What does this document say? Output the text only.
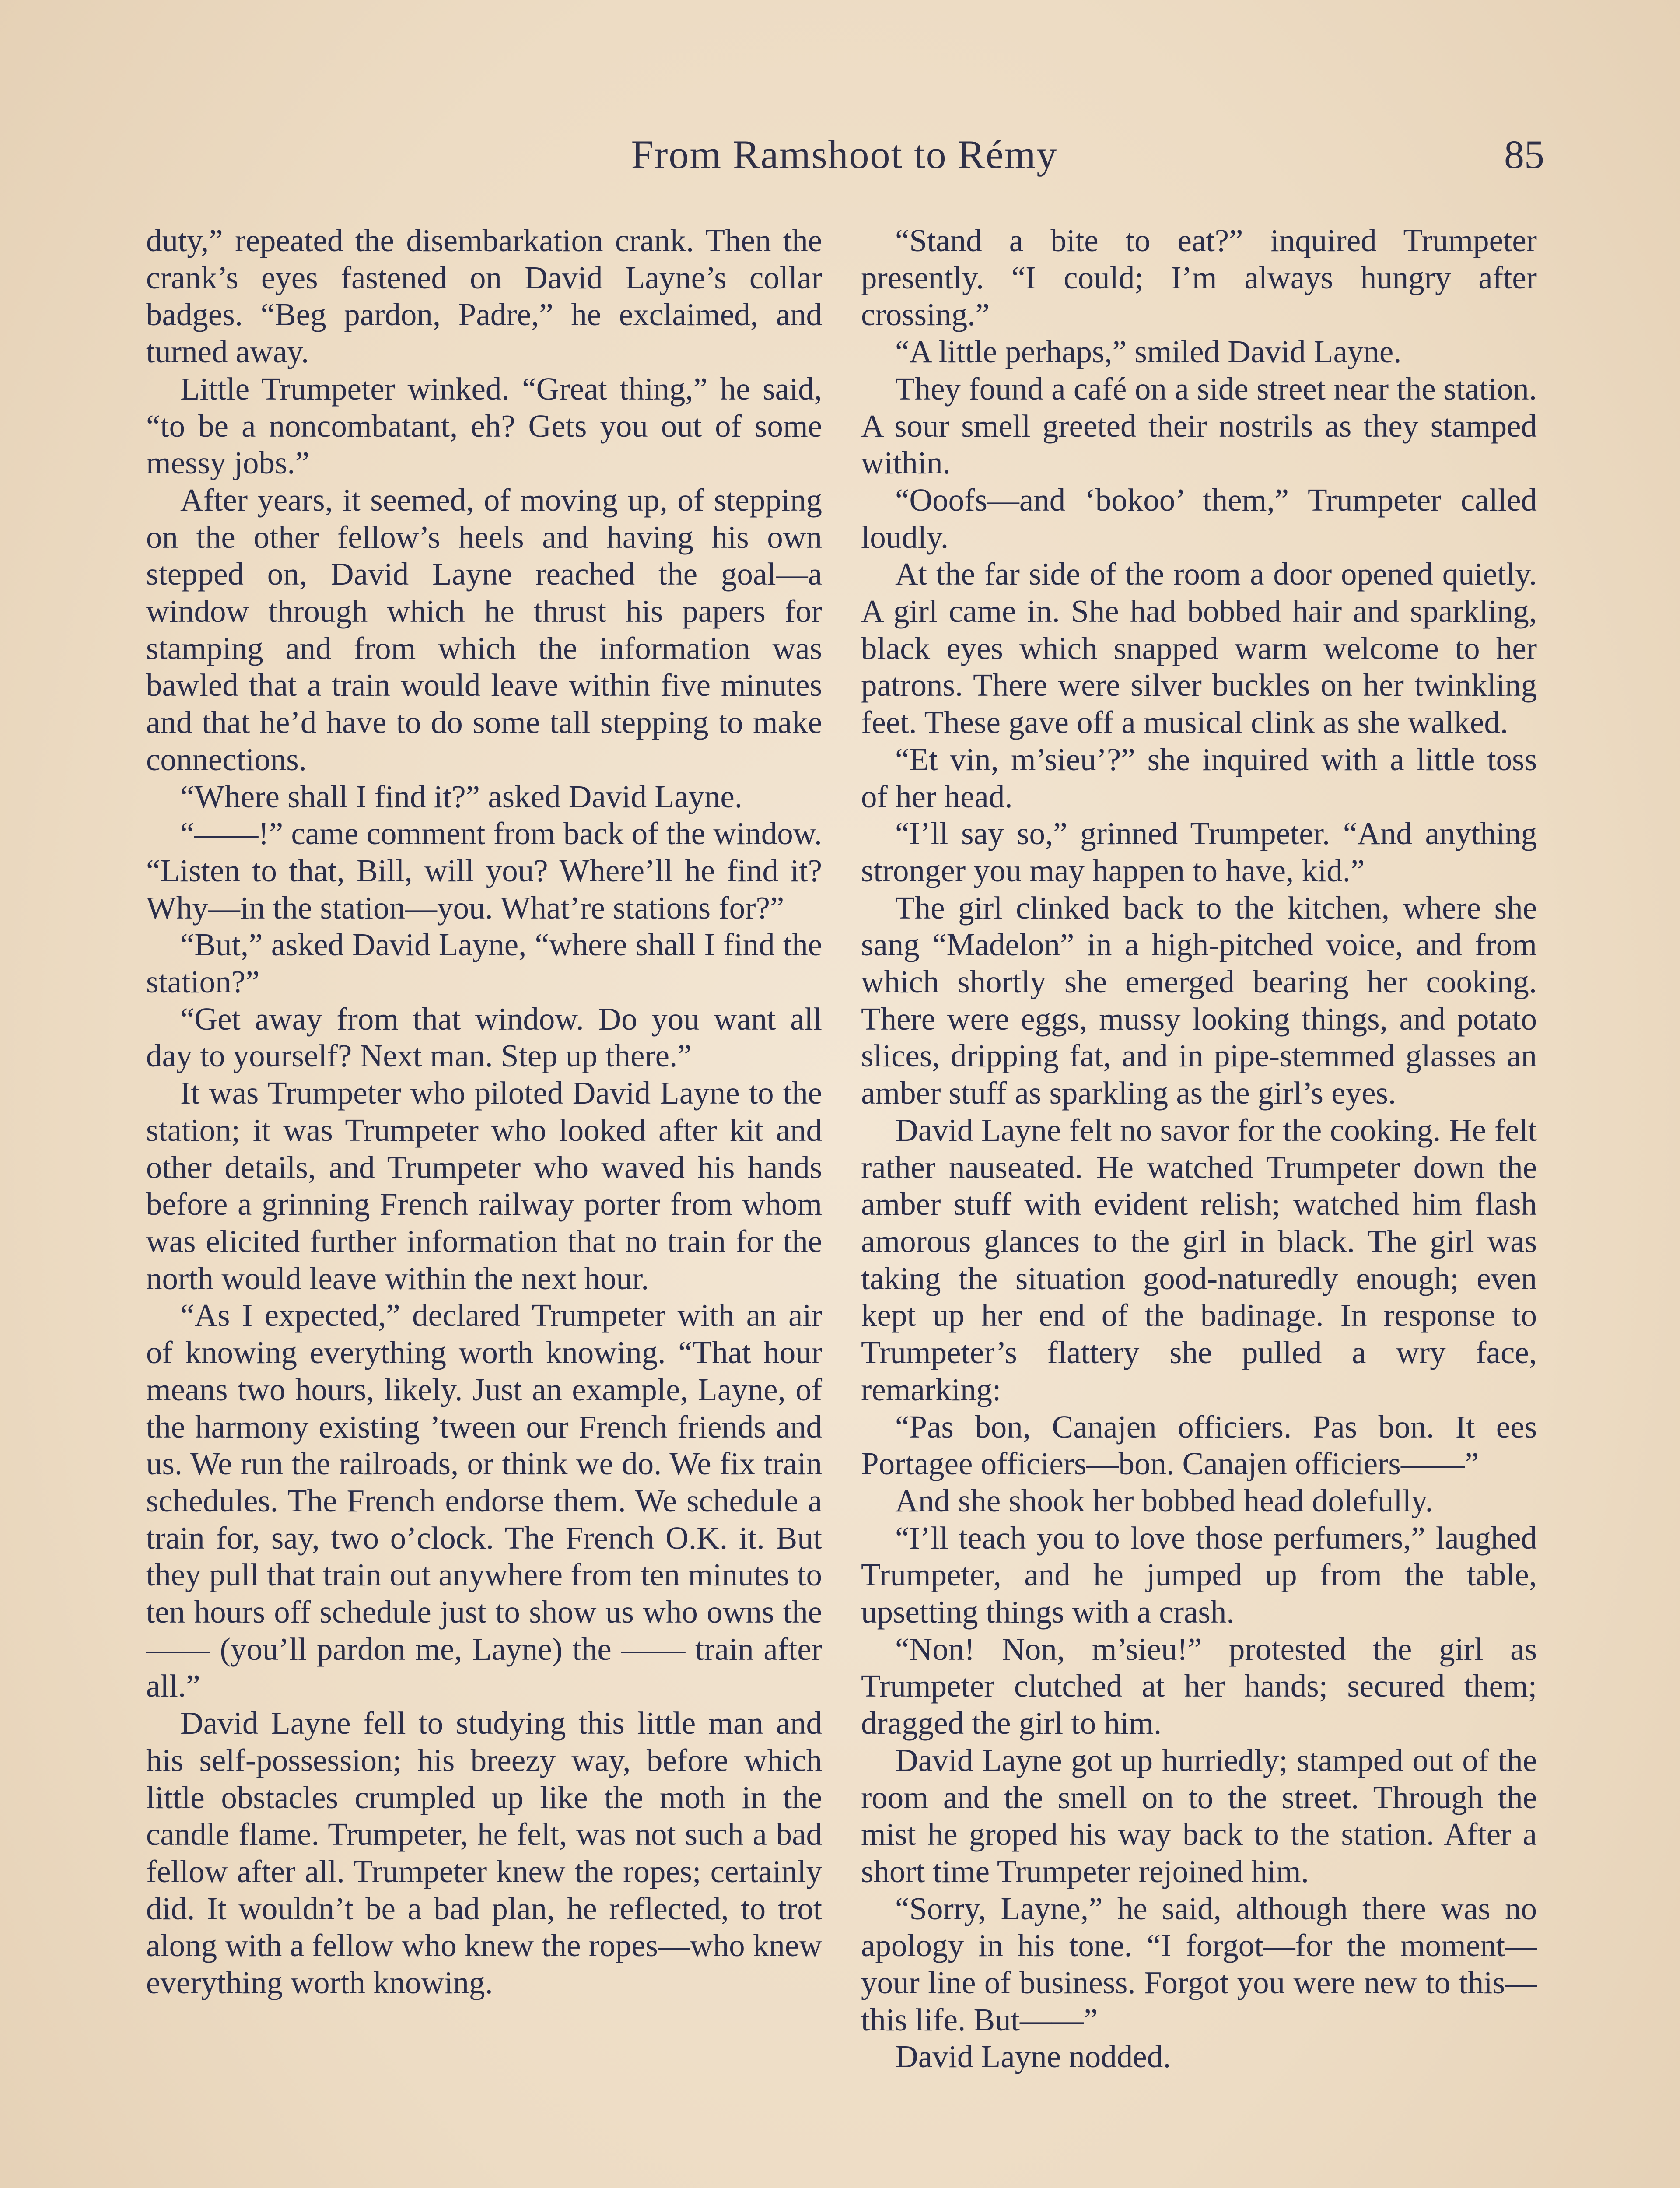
From Ramshoot to Rémy	85

duty,” repeated the disembarkation crank. Then the crank’s eyes fastened on David Layne’s collar badges. “Beg pardon, Padre,” he exclaimed, and turned away.

Little Trumpeter winked. “Great thing,” he said, “to be a noncombatant, eh? Gets you out of some messy jobs.”

After years, it seemed, of moving up, of stepping on the other fellow’s heels and having his own stepped on, David Layne reached the goal—a window through which he thrust his papers for stamping and from which the information was bawled that a train would leave within five minutes and that he’d have to do some tall stepping to make connections.

“Where shall I find it?” asked David Layne.

“——!” came comment from back of the window. “Listen to that, Bill, will you? Where’ll he find it? Why—in the station—you. What’re stations for?”

“But,” asked David Layne, “where shall I find the station?”

“Get away from that window. Do you want all day to yourself? Next man. Step up there.”

It was Trumpeter who piloted David Layne to the station; it was Trumpeter who looked after kit and other details, and Trumpeter who waved his hands before a grinning French railway porter from whom was elicited further information that no train for the north would leave within the next hour.

“As I expected,” declared Trumpeter with an air of knowing everything worth knowing. “That hour means two hours, likely. Just an example, Layne, of the harmony existing ’tween our French friends and us. We run the railroads, or think we do. We fix train schedules. The French endorse them. We schedule a train for, say, two o’clock. The French O.K. it. But they pull that train out anywhere from ten minutes to ten hours off schedule just to show us who owns the —— (you’ll pardon me, Layne) the —— train after all.”

David Layne fell to studying this little man and his self-possession; his breezy way, before which little obstacles crumpled up like the moth in the candle flame. Trumpeter, he felt, was not such a bad fellow after all. Trumpeter knew the ropes; certainly did. It wouldn’t be a bad plan, he reflected, to trot along with a fellow who knew the ropes—who knew everything worth knowing.

“Stand a bite to eat?” inquired Trumpeter presently. “I could; I’m always hungry after crossing.”

“A little perhaps,” smiled David Layne.

They found a café on a side street near the station. A sour smell greeted their nostrils as they stamped within.

“Ooofs—and ‘bokoo’ them,” Trumpeter called loudly.

At the far side of the room a door opened quietly. A girl came in. She had bobbed hair and sparkling, black eyes which snapped warm welcome to her patrons. There were silver buckles on her twinkling feet. These gave off a musical clink as she walked.

“Et vin, m’sieu’?” she inquired with a little toss of her head.

“I’ll say so,” grinned Trumpeter. “And anything stronger you may happen to have, kid.”

The girl clinked back to the kitchen, where she sang “Madelon” in a high-pitched voice, and from which shortly she emerged bearing her cooking. There were eggs, mussy looking things, and potato slices, dripping fat, and in pipe-stemmed glasses an amber stuff as sparkling as the girl’s eyes.

David Layne felt no savor for the cooking. He felt rather nauseated. He watched Trumpeter down the amber stuff with evident relish; watched him flash amorous glances to the girl in black. The girl was taking the situation good-naturedly enough; even kept up her end of the badinage. In response to Trumpeter’s flattery she pulled a wry face, remarking:

“Pas bon, Canajen officiers. Pas bon. It ees Portagee officiers—bon. Canajen officiers——”

And she shook her bobbed head dolefully.

“I’ll teach you to love those perfumers,” laughed Trumpeter, and he jumped up from the table, upsetting things with a crash.

“Non! Non, m’sieu!” protested the girl as Trumpeter clutched at her hands; secured them; dragged the girl to him.

David Layne got up hurriedly; stamped out of the room and the smell on to the street. Through the mist he groped his way back to the station. After a short time Trumpeter rejoined him.

“Sorry, Layne,” he said, although there was no apology in his tone. “I forgot—for the moment—your line of business. Forgot you were new to this—this life. But——”

David Layne nodded.
